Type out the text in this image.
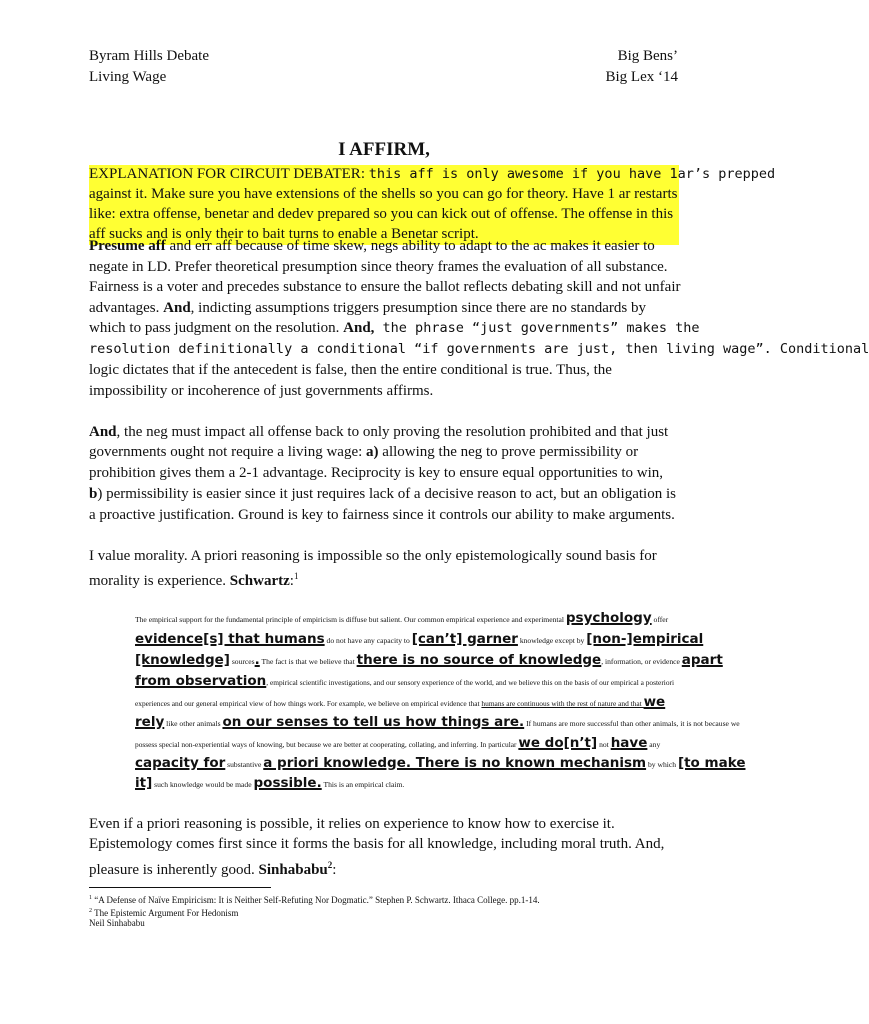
Byram Hills Debate
Living Wage
Big Bens’
Big Lex ‘14
I AFFIRM,
EXPLANATION FOR CIRCUIT DEBATER: this aff is only awesome if you have 1ar’s prepped
against it. Make sure you have extensions of the shells so you can go for theory. Have 1 ar restarts
like: extra offense, benetar and dedev prepared so you can kick out of offense. The offense in this
aff sucks and is only their to bait turns to enable a Benetar script.
Presume aff and err aff because of time skew, negs ability to adapt to the ac makes it easier to
negate in LD. Prefer theoretical presumption since theory frames the evaluation of all substance.
Fairness is a voter and precedes substance to ensure the ballot reflects debating skill and not unfair
advantages. And, indicting assumptions triggers presumption since there are no standards by
which to pass judgment on the resolution. And, the phrase “just governments” makes the
resolution definitionally a conditional “if governments are just, then living wage”. Conditional
logic dictates that if the antecedent is false, then the entire conditional is true. Thus, the
impossibility or incoherence of just governments affirms.
And, the neg must impact all offense back to only proving the resolution prohibited and that just
governments ought not require a living wage: a) allowing the neg to prove permissibility or
prohibition gives them a 2-1 advantage. Reciprocity is key to ensure equal opportunities to win,
b) permissibility is easier since it just requires lack of a decisive reason to act, but an obligation is
a proactive justification. Ground is key to fairness since it controls our ability to make arguments.
I value morality. A priori reasoning is impossible so the only epistemologically sound basis for
morality is experience. Schwartz:$^1$
The empirical support for the fundamental principle of empiricism is diffuse but salient. Our common empirical experience and experimental psychology offer
evidence[s] that humans do not have any capacity to [can’t] garner knowledge except by [non-]empirical
[knowledge] sources. The fact is that we believe that there is no source of knowledge, information, or evidence apart
from observation, empirical scientific investigations, and our sensory experience of the world, and we believe this on the basis of our empirical a posteriori
experiences and our general empirical view of how things work. For example, we believe on empirical evidence that humans are continuous with the rest of nature and that we
rely like other animals on our senses to tell us how things are. If humans are more successful than other animals, it is not because we
possess special non-experiential ways of knowing, but because we are better at cooperating, collating, and inferring. In particular we do[n’t] not have any
capacity for substantive a priori knowledge. There is no known mechanism by which [to make
it] such knowledge would be made possible. This is an empirical claim.
Even if a priori reasoning is possible, it relies on experience to know how to exercise it.
Epistemology comes first since it forms the basis for all knowledge, including moral truth. And,
pleasure is inherently good. Sinhababu$^2$:
$^1$ “A Defense of Naïve Empiricism: It is Neither Self-Refuting Nor Dogmatic.” Stephen P. Schwartz. Ithaca College. pp.1-14.
$^2$ The Epistemic Argument For Hedonism
Neil Sinhababu
